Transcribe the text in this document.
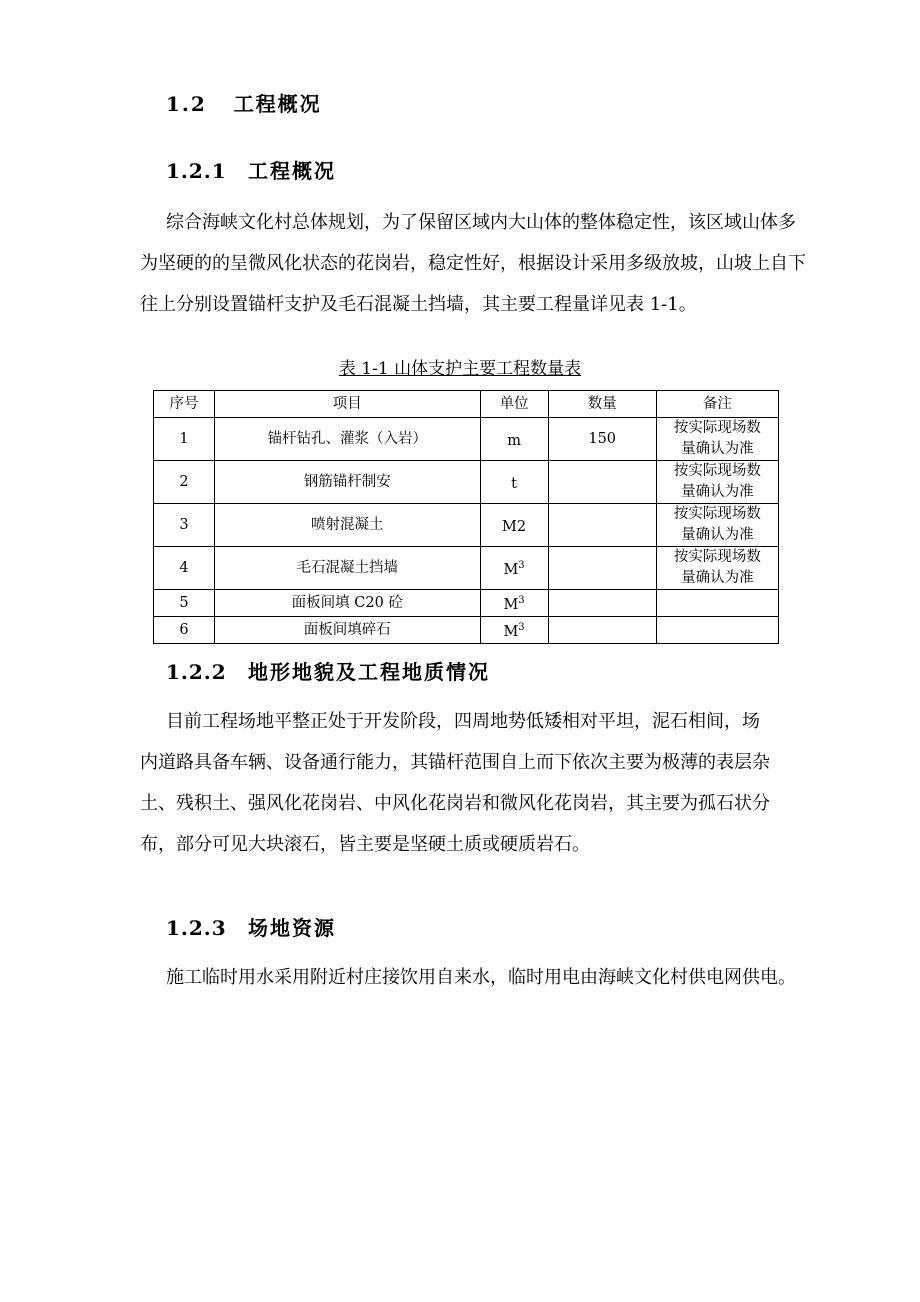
1.2 工程概况
1.2.1 工程概况
综合海峡文化村总体规划，为了保留区域内大山体的整体稳定性，该区域山体多
为坚硬的的呈微风化状态的花岗岩，稳定性好，根据设计采用多级放坡，山坡上自下
往上分别设置锚杆支护及毛石混凝土挡墙，其主要工程量详见表 1-1。
表 1-1 山体支护主要工程数量表
序号	项目	单位	数量	备注
1	锚杆钻孔、灌浆（入岩）	m	150	按实际现场数
量确认为准

2	钢筋锚杆制安	t		按实际现场数
量确认为准

3	喷射混凝土	M2		按实际现场数
量确认为准

4	毛石混凝土挡墙	$M^3$		按实际现场数
量确认为准

5	面板间填 C20 砼	$M^3$		
6	面板间填碎石	$M^3$		
1.2.2 地形地貌及工程地质情况
目前工程场地平整正处于开发阶段，四周地势低矮相对平坦，泥石相间，场
内道路具备车辆、设备通行能力，其锚杆范围自上而下依次主要为极薄的表层杂
土、残积土、强风化花岗岩、中风化花岗岩和微风化花岗岩，其主要为孤石状分
布，部分可见大块滚石，皆主要是坚硬土质或硬质岩石。
1.2.3 场地资源
施工临时用水采用附近村庄接饮用自来水，临时用电由海峡文化村供电网供电。
